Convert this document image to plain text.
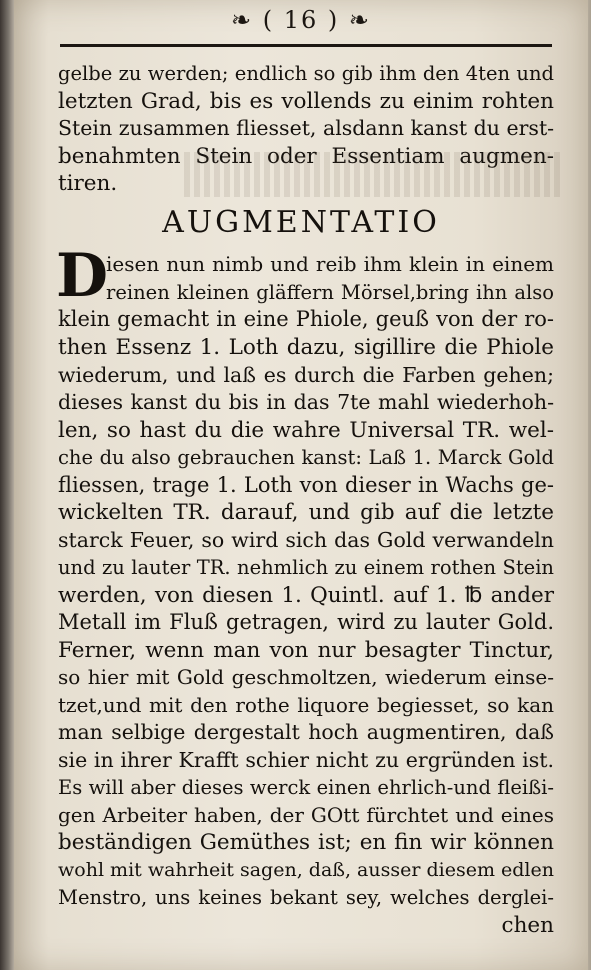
❧ ( 16 ) ❧
gelbe zu werden; endlich so gib ihm den 4ten und
letzten Grad, bis es vollends zu einim rohten
Stein zusammen fliesset, alsdann kanst du erst-
benahmten Stein oder Essentiam augmen-
tiren.
AUGMENTATIO
D
iesen nun nimb und reib ihm klein in einem
reinen kleinen gläffern Mörsel,bring ihn also
klein gemacht in eine Phiole, geuß von der ro-
then Essenz 1. Loth dazu, sigillire die Phiole
wiederum, und laß es durch die Farben gehen;
dieses kanst du bis in das 7te mahl wiederhoh-
len, so hast du die wahre Universal TR. wel-
che du also gebrauchen kanst: Laß 1. Marck Gold
fliessen, trage 1. Loth von dieser in Wachs ge-
wickelten TR. darauf, und gib auf die letzte
starck Feuer, so wird sich das Gold verwandeln
und zu lauter TR. nehmlich zu einem rothen Stein
werden, von diesen 1. Quintl. auf 1. ℔ ander
Metall im Fluß getragen, wird zu lauter Gold.
Ferner, wenn man von nur besagter Tinctur,
so hier mit Gold geschmoltzen, wiederum einse-
tzet,und mit den rothe liquore begiesset, so kan
man selbige dergestalt hoch augmentiren, daß
sie in ihrer Krafft schier nicht zu ergründen ist.
Es will aber dieses werck einen ehrlich-und fleißi-
gen Arbeiter haben, der GOtt fürchtet und eines
beständigen Gemüthes ist; en fin wir können
wohl mit wahrheit sagen, daß, ausser diesem edlen
Menstro, uns keines bekant sey, welches derglei-
chen
